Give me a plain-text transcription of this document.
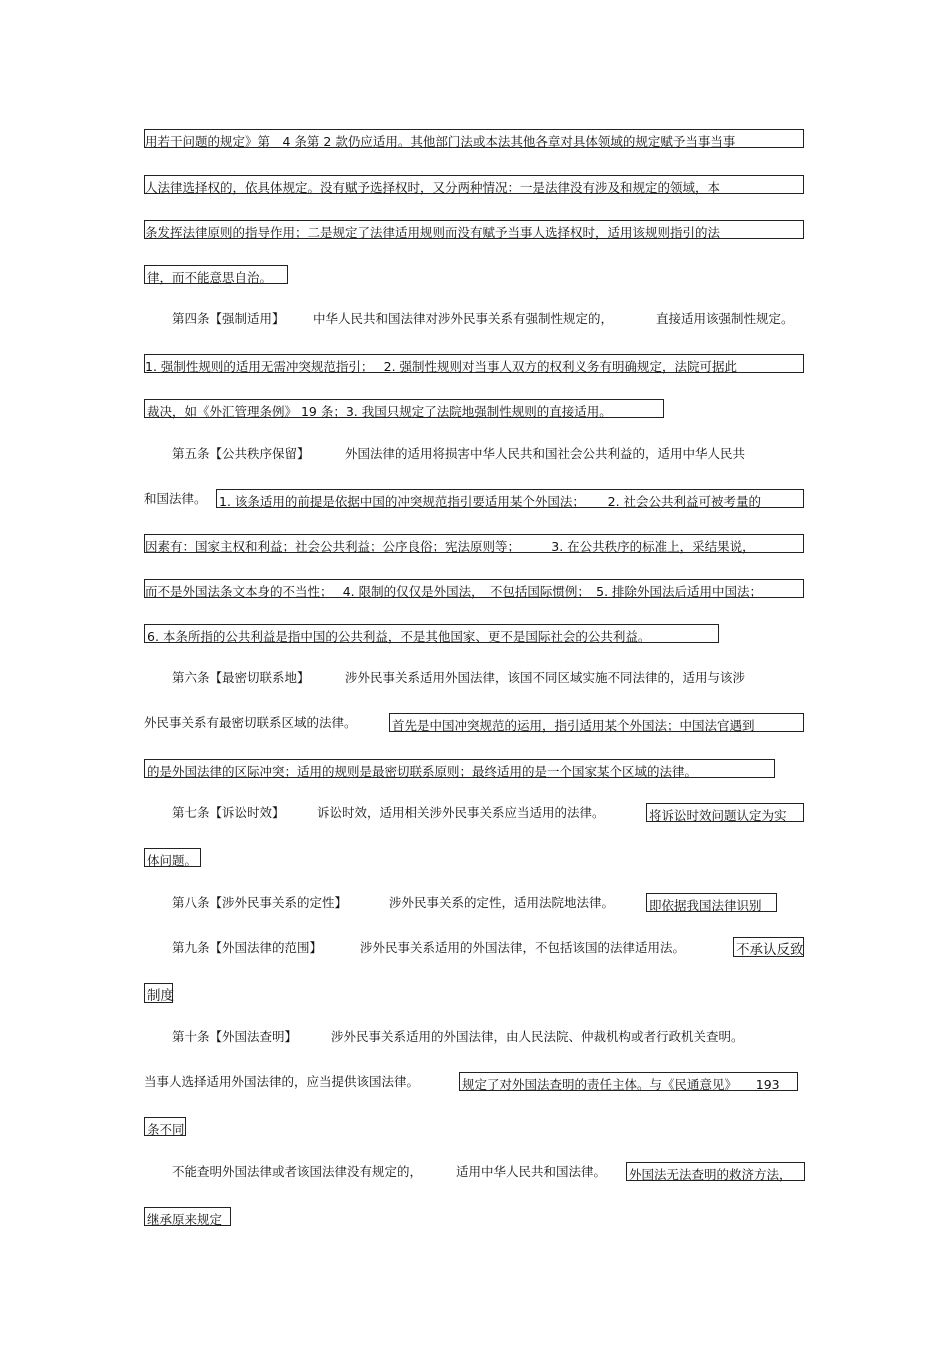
用若干问题的规定》第　4 条第 2 款仍应适用。其他部门法或本法其他各章对具体领域的规定赋予当事当事
人法律选择权的，依具体规定。没有赋予选择权时，又分两种情况：一是法律没有涉及和规定的领域，本
条发挥法律原则的指导作用；二是规定了法律适用规则而没有赋予当事人选择权时，适用该规则指引的法
律，而不能意思自治。
第四条【强制适用】 中华人民共和国法律对涉外民事关系有强制性规定的，	直接适用该强制性规定。
1. 强制性规则的适用无需冲突规范指引；　 2. 强制性规则对当事人双方的权利义务有明确规定，法院可据此
裁决，如《外汇管理条例》 19 条；3. 我国只规定了法院地强制性规则的直接适用。
第五条【公共秩序保留】	外国法律的适用将损害中华人民共和国社会公共利益的，适用中华人民共
和国法律。 1. 该条适用的前提是依据中国的冲突规范指引要适用某个外国法；　　 2. 社会公共利益可被考量的
因素有：国家主权和利益；社会公共利益；公序良俗；宪法原则等；　　　3. 在公共秩序的标准上，采结果说，
而不是外国法条文本身的不当性；　 4. 限制的仅仅是外国法，　不包括国际惯例；　5. 排除外国法后适用中国法；
6. 本条所指的公共利益是指中国的公共利益，不是其他国家、更不是国际社会的公共利益。
第六条【最密切联系地】	涉外民事关系适用外国法律，该国不同区域实施不同法律的，适用与该涉
外民事关系有最密切联系区域的法律。	首先是中国冲突规范的运用，指引适用某个外国法；中国法官遇到
的是外国法律的区际冲突；适用的规则是最密切联系原则；最终适用的是一个国家某个区域的法律。
第七条【诉讼时效】	诉讼时效，适用相关涉外民事关系应当适用的法律。	将诉讼时效问题认定为实
体问题。
第八条【涉外民事关系的定性】	涉外民事关系的定性，适用法院地法律。	即依据我国法律识别
第九条【外国法律的范围】	涉外民事关系适用的外国法律，不包括该国的法律适用法。	不承认反致
制度
第十条【外国法查明】	涉外民事关系适用的外国法律，由人民法院、仲裁机构或者行政机关查明。
当事人选择适用外国法律的，应当提供该国法律。	规定了对外国法查明的责任主体。与《民通意见》　　193
条不同
不能查明外国法律或者该国法律没有规定的，	适用中华人民共和国法律。 外国法无法查明的救济方法，
继承原来规定
